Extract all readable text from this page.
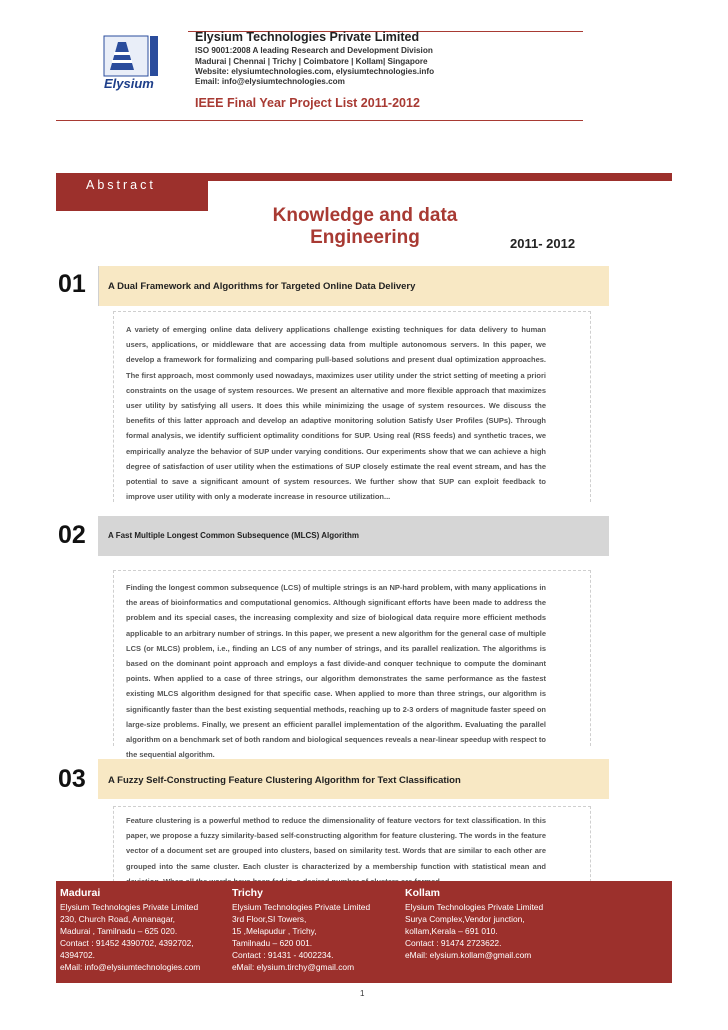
Elysium
Elysium Technologies Private Limited
ISO 9001:2008 A leading Research and Development Division
Madurai | Chennai | Trichy | Coimbatore | Kollam| Singapore
Website: elysiumtechnologies.com, elysiumtechnologies.info
Email: info@elysiumtechnologies.com
IEEE Final Year Project List 2011-2012
Abstract
Knowledge and data
Engineering	2011- 2012
01 A Dual Framework and Algorithms for Targeted Online Data Delivery
A variety of emerging online data delivery applications challenge existing techniques for data delivery to human users, applications, or middleware that are accessing data from multiple autonomous servers. In this paper, we develop a framework for formalizing and comparing pull-based solutions and present dual optimization approaches. The first approach, most commonly used nowadays, maximizes user utility under the strict setting of meeting a priori constraints on the usage of system resources. We present an alternative and more flexible approach that maximizes user utility by satisfying all users. It does this while minimizing the usage of system resources. We discuss the benefits of this latter approach and develop an adaptive monitoring solution Satisfy User Profiles (SUPs). Through formal analysis, we identify sufficient optimality conditions for SUP. Using real (RSS feeds) and synthetic traces, we empirically analyze the behavior of SUP under varying conditions. Our experiments show that we can achieve a high degree of satisfaction of user utility when the estimations of SUP closely estimate the real event stream, and has the potential to save a significant amount of system resources. We further show that SUP can exploit feedback to improve user utility with only a moderate increase in resource utilization...
02	A Fast Multiple Longest Common Subsequence (MLCS) Algorithm
Finding the longest common subsequence (LCS) of multiple strings is an NP-hard problem, with many applications in the areas of bioinformatics and computational genomics. Although significant efforts have been made to address the problem and its special cases, the increasing complexity and size of biological data require more efficient methods applicable to an arbitrary number of strings. In this paper, we present a new algorithm for the general case of multiple LCS (or MLCS) problem, i.e., finding an LCS of any number of strings, and its parallel realization. The algorithms is based on the dominant point approach and employs a fast divide-and conquer technique to compute the dominant points. When applied to a case of three strings, our algorithm demonstrates the same performance as the fastest existing MLCS algorithm designed for that specific case. When applied to more than three strings, our algorithm is significantly faster than the best existing sequential methods, reaching up to 2-3 orders of magnitude faster speed on large-size problems. Finally, we present an efficient parallel implementation of the algorithm. Evaluating the parallel algorithm on a benchmark set of both random and biological sequences reveals a near-linear speedup with respect to the sequential algorithm.
03 A Fuzzy Self-Constructing Feature Clustering Algorithm for Text Classification
Feature clustering is a powerful method to reduce the dimensionality of feature vectors for text classification. In this paper, we propose a fuzzy similarity-based self-constructing algorithm for feature clustering. The words in the feature vector of a document set are grouped into clusters, based on similarity test. Words that are similar to each other are grouped into the same cluster. Each cluster is characterized by a membership function with statistical mean and
Madurai
Elysium Technologies Private Limited
230, Church Road, Annanagar,
Madurai , Tamilnadu – 625 020.
Contact : 91452 4390702, 4392702,
4394702.
eMail: info@elysiumtechnologies.com
Trichy
Elysium Technologies Private Limited
3rd Floor,SI Towers,
15 ,Melapudur , Trichy,
Tamilnadu – 620 001.
Contact : 91431 - 4002234.
eMail: elysium.tirchy@gmail.com
Kollam
Elysium Technologies Private Limited
Surya Complex,Vendor junction,
kollam,Kerala – 691 010.
Contact : 91474 2723622.
eMail: elysium.kollam@gmail.com
1
